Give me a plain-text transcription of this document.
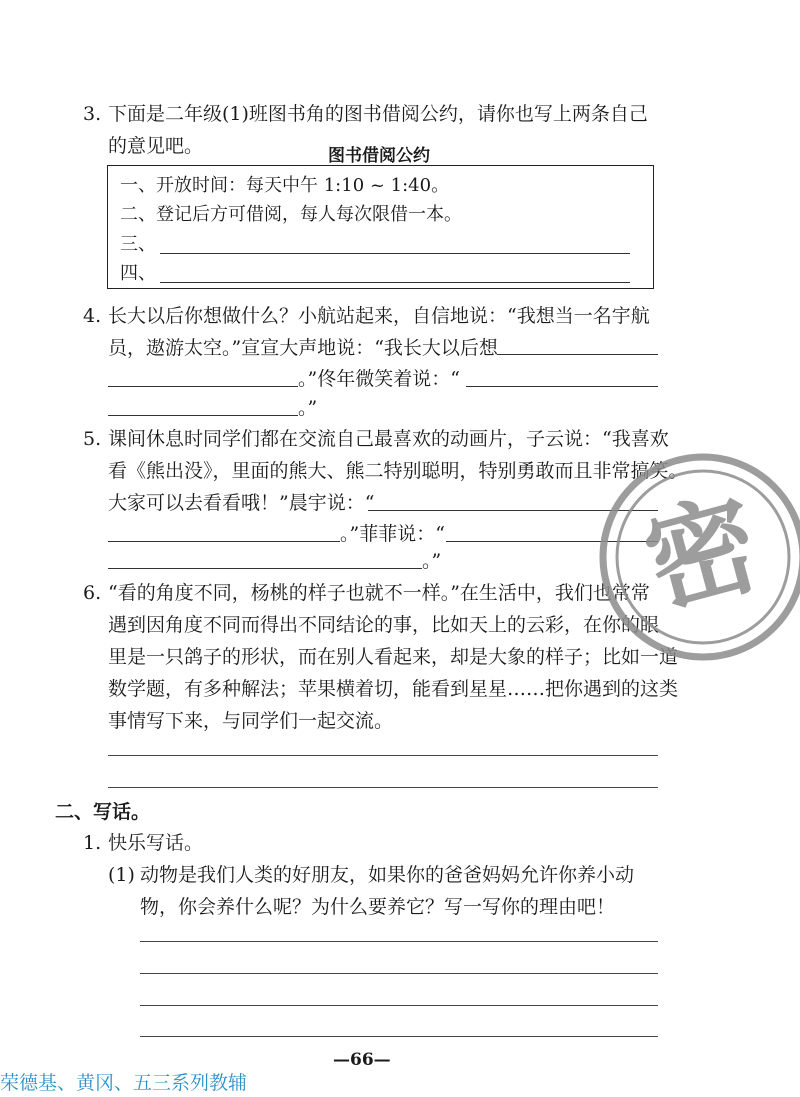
3. 下面是二年级(1)班图书角的图书借阅公约，请你也写上两条自己
的意见吧。	图书借阅公约
一、开放时间：每天中午 1:10 ~ 1:40。
二、登记后方可借阅，每人每次限借一本。
三、
四、
4. 长大以后你想做什么？小航站起来，自信地说：“我想当一名宇航
员，遨游太空。”宣宣大声地说：“我长大以后想
。”佟年微笑着说：“
。”
5. 课间休息时同学们都在交流自己最喜欢的动画片，子云说：“我喜欢
看《熊出没》，里面的熊大、熊二特别聪明，特别勇敢而且非常搞笑。
大家可以去看看哦！”晨宇说：“
。”菲菲说：“
。”
6. “看的角度不同，杨桃的样子也就不一样。”在生活中，我们也常常
遇到因角度不同而得出不同结论的事，比如天上的云彩，在你的眼
里是一只鸽子的形状，而在别人看起来，却是大象的样子；比如一道
数学题，有多种解法；苹果横着切，能看到星星……把你遇到的这类
事情写下来，与同学们一起交流。
二、写话。
1. 快乐写话。
(1) 动物是我们人类的好朋友，如果你的爸爸妈妈允许你养小动
物，你会养什么呢？为什么要养它？写一写你的理由吧！
—66—
荣德基、黄冈、五三系列教辅
密
